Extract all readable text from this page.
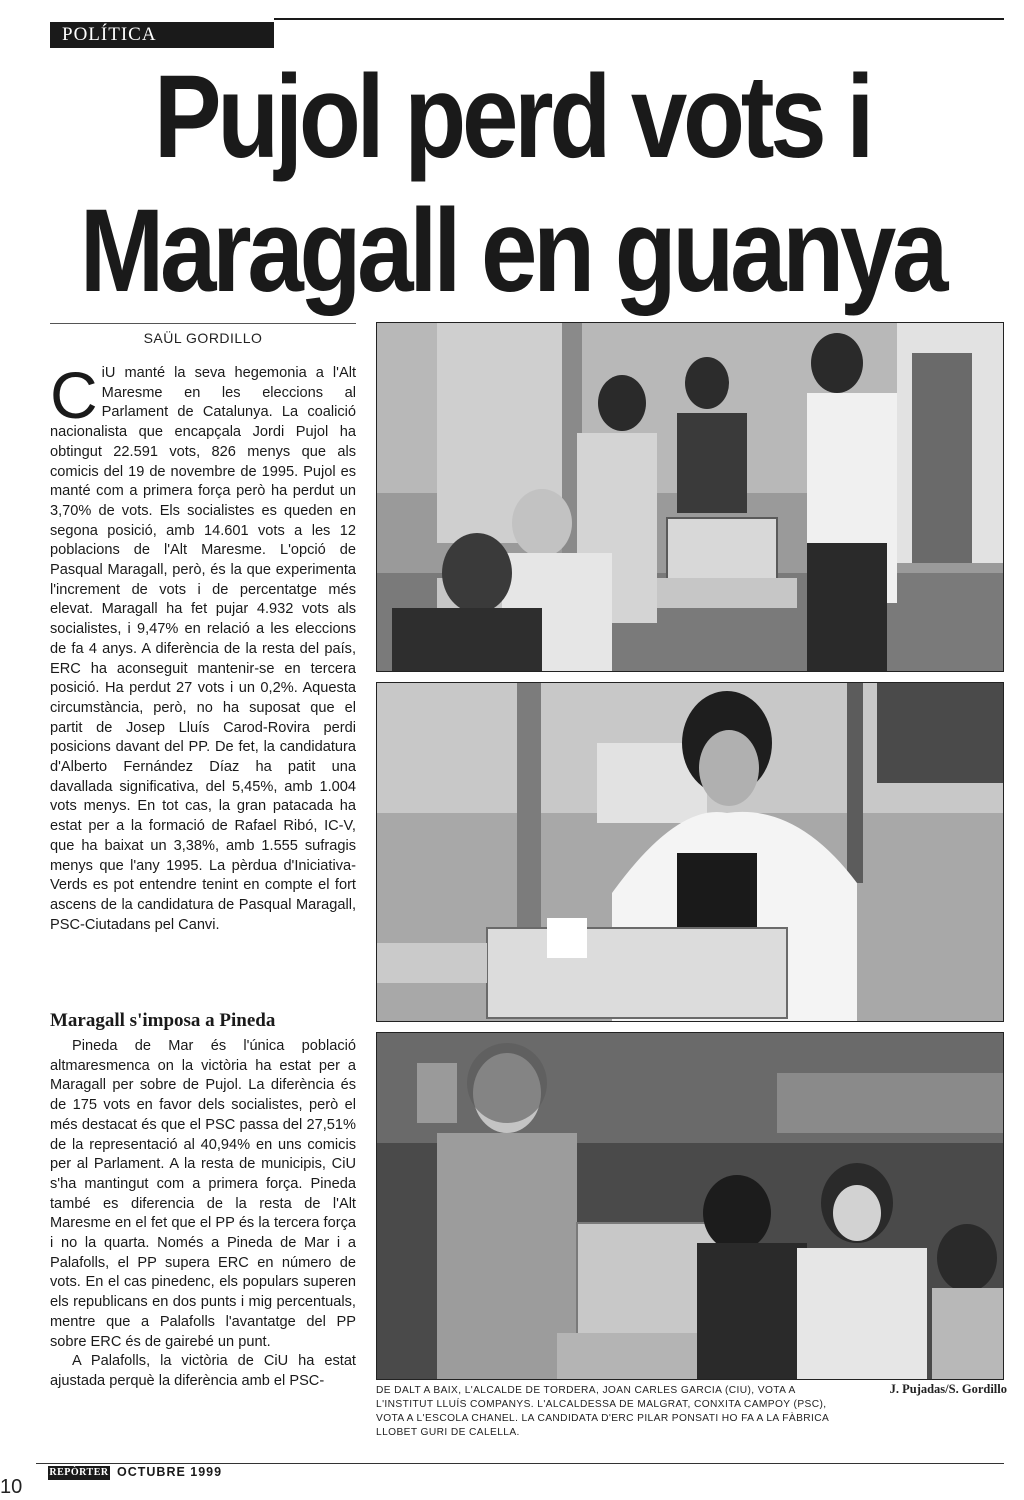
POLÍTICA
Pujol perd vots i
Maragall en guanya
SAÜL GORDILLO

CiU manté la seva hegemonia a l'Alt Maresme en les eleccions al Parlament de Catalunya. La coalició nacionalista que encapçala Jordi Pujol ha obtingut 22.591 vots, 826 menys que als comicis del 19 de novembre de 1995. Pujol es manté com a primera força però ha perdut un 3,70% de vots. Els socialistes es queden en segona posició, amb 14.601 vots a les 12 poblacions de l'Alt Maresme. L'opció de Pasqual Maragall, però, és la que experimenta l'increment de vots i de percentatge més elevat. Maragall ha fet pujar 4.932 vots als socialistes, i 9,47% en relació a les eleccions de fa 4 anys. A diferència de la resta del país, ERC ha aconseguit mantenir-se en tercera posició. Ha perdut 27 vots i un 0,2%. Aquesta circumstància, però, no ha suposat que el partit de Josep Lluís Carod-Rovira perdi posicions davant del PP. De fet, la candidatura d'Alberto Fernández Díaz ha patit una davallada significativa, del 5,45%, amb 1.004 vots menys. En tot cas, la gran patacada ha estat per a la formació de Rafael Ribó, IC-V, que ha baixat un 3,38%, amb 1.555 sufragis menys que l'any 1995. La pèrdua d'Iniciativa-Verds es pot entendre tenint en compte el fort ascens de la candidatura de Pasqual Maragall, PSC-Ciutadans pel Canvi.

Maragall s'imposa a Pineda

Pineda de Mar és l'única població altmaresmenca on la victòria ha estat per a Maragall per sobre de Pujol. La diferència és de 175 vots en favor dels socialistes, però el més destacat és que el PSC passa del 27,51% de la representació al 40,94% en uns comicis per al Parlament. A la resta de municipis, CiU s'ha mantingut com a primera força. Pineda també es diferencia de la resta de l'Alt Maresme en el fet que el PP és la tercera força i no la quarta. Només a Pineda de Mar i a Palafolls, el PP supera ERC en número de vots. En el cas pinedenc, els populars superen els republicans en dos punts i mig percentuals, mentre que a Palafolls l'avantatge del PP sobre ERC és de gairebé un punt.

A Palafolls, la victòria de CiU ha estat ajustada perquè la diferència amb el PSC-

DE DALT A BAIX, L'ALCALDE DE TORDERA, JOAN CARLES GARCIA (CIU), VOTA A L'INSTITUT LLUÍS COMPANYS. L'ALCALDESSA DE MALGRAT, CONXITA CAMPOY (PSC), VOTA A L'ESCOLA CHANEL. LA CANDIDATA D'ERC PILAR PONSATI HO FA A LA FÀBRICA LLOBET GURI DE CALELLA.

J. Pujadas/S. Gordillo

10
REPÒRTER OCTUBRE 1999
